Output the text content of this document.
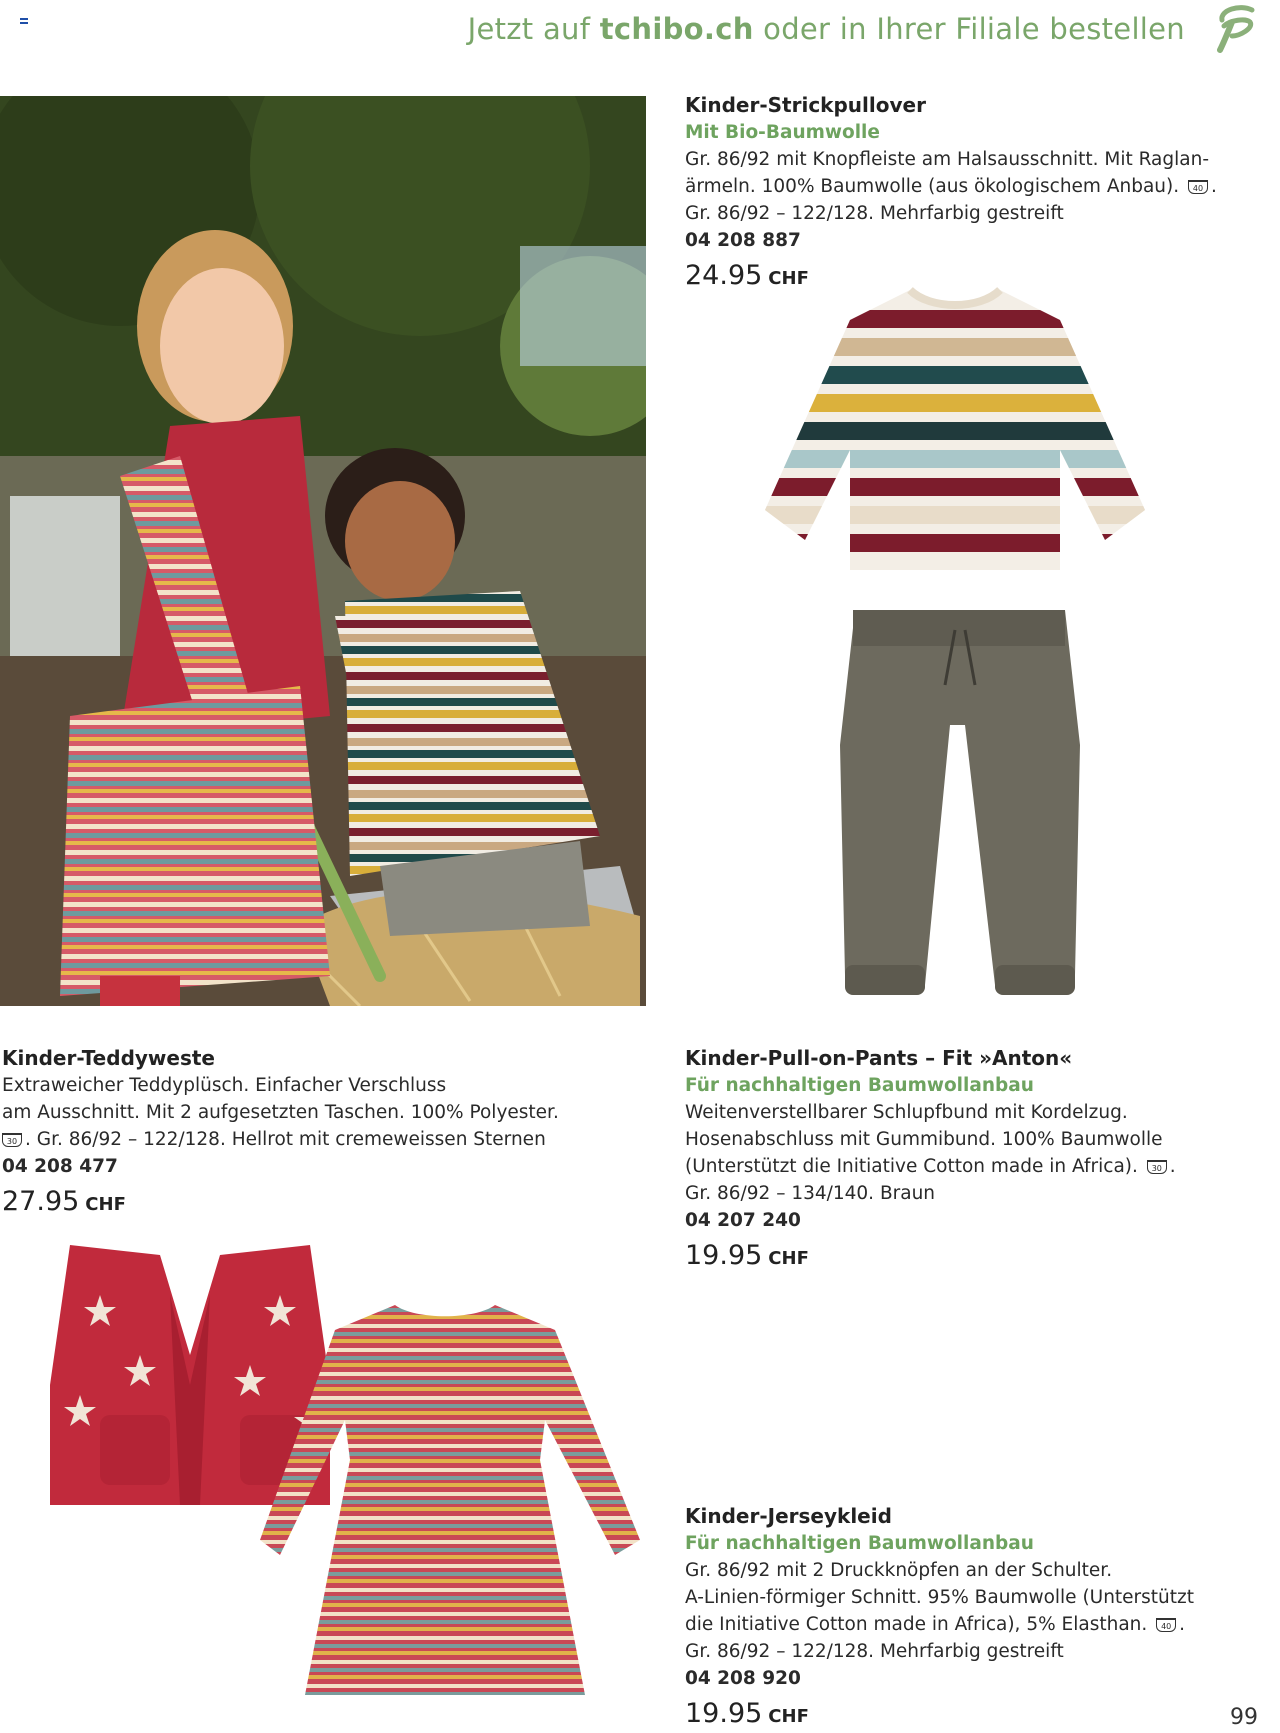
Jetzt auf tchibo.ch oder in Ihrer Filiale bestellen
Kinder-Strickpullover
Mit Bio-Baumwolle
Gr. 86/92 mit Knopfleiste am Halsausschnitt. Mit Raglan-
ärmeln. 100% Baumwolle (aus ökologischem Anbau). 40 .
Gr. 86/92 – 122/128. Mehrfarbig gestreift
04 208 887
24.95 CHF
Kinder-Teddyweste
Extraweicher Teddyplüsch. Einfacher Verschluss
am Ausschnitt. Mit 2 aufgesetzten Taschen. 100% Polyester.
30 . Gr. 86/92 – 122/128. Hellrot mit cremeweissen Sternen
04 208 477
27.95 CHF
Kinder-Pull-on-Pants – Fit »Anton«
Für nachhaltigen Baumwollanbau
Weitenverstellbarer Schlupfbund mit Kordelzug.
Hosenabschluss mit Gummibund. 100% Baumwolle
(Unterstützt die Initiative Cotton made in Africa). 30 .
Gr. 86/92 – 134/140. Braun
04 207 240
19.95 CHF
Kinder-Jerseykleid
Für nachhaltigen Baumwollanbau
Gr. 86/92 mit 2 Druckknöpfen an der Schulter.
A-Linien-förmiger Schnitt. 95% Baumwolle (Unterstützt
die Initiative Cotton made in Africa), 5% Elasthan. 40 .
Gr. 86/92 – 122/128. Mehrfarbig gestreift
04 208 920
19.95 CHF	99
